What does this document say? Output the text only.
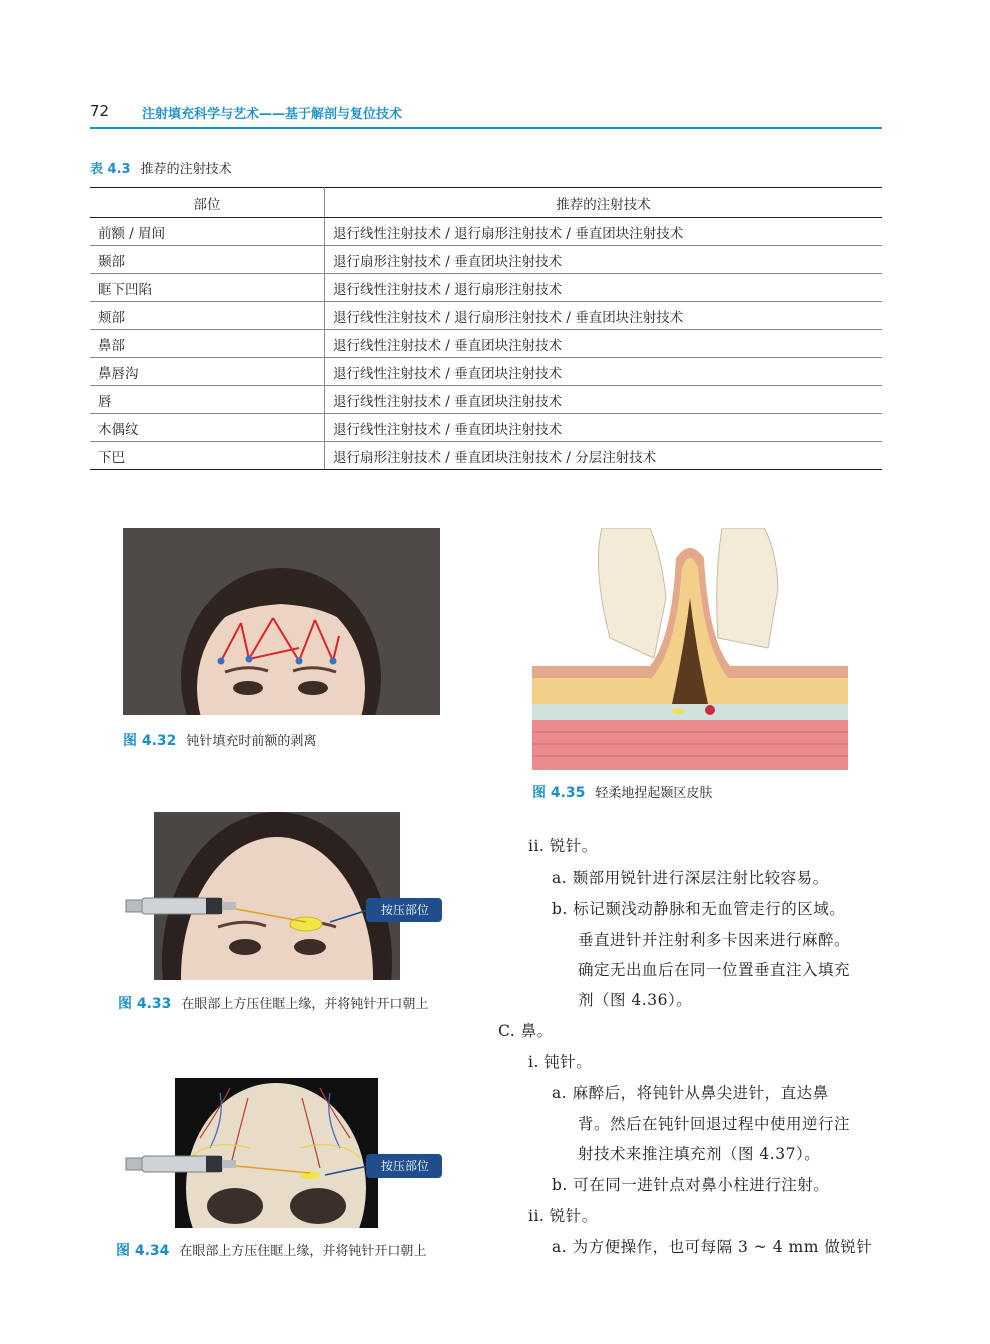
72	注射填充科学与艺术——基于解剖与复位技术
表 4.3 推荐的注射技术
部位	推荐的注射技术
前额 / 眉间	退行线性注射技术 / 退行扇形注射技术 / 垂直团块注射技术
颞部	退行扇形注射技术 / 垂直团块注射技术
眶下凹陷	退行线性注射技术 / 退行扇形注射技术
颊部	退行线性注射技术 / 退行扇形注射技术 / 垂直团块注射技术
鼻部	退行线性注射技术 / 垂直团块注射技术
鼻唇沟	退行线性注射技术 / 垂直团块注射技术
唇	退行线性注射技术 / 垂直团块注射技术
木偶纹	退行线性注射技术 / 垂直团块注射技术
下巴	退行扇形注射技术 / 垂直团块注射技术 / 分层注射技术
图 4.32 钝针填充时前额的剥离
图 4.35 轻柔地捏起颞区皮肤
按压部位
图 4.33 在眼部上方压住眶上缘，并将钝针开口朝上
按压部位
图 4.34 在眼部上方压住眶上缘，并将钝针开口朝上
ii. 锐针。
a. 颞部用锐针进行深层注射比较容易。
b. 标记颞浅动静脉和无血管走行的区域。
垂直进针并注射利多卡因来进行麻醉。
确定无出血后在同一位置垂直注入填充
剂（图 4.36）。
C. 鼻。
i. 钝针。
a. 麻醉后，将钝针从鼻尖进针，直达鼻
背。然后在钝针回退过程中使用逆行注
射技术来推注填充剂（图 4.37）。
b. 可在同一进针点对鼻小柱进行注射。
ii. 锐针。
a. 为方便操作，也可每隔 3 ~ 4 mm 做锐针
